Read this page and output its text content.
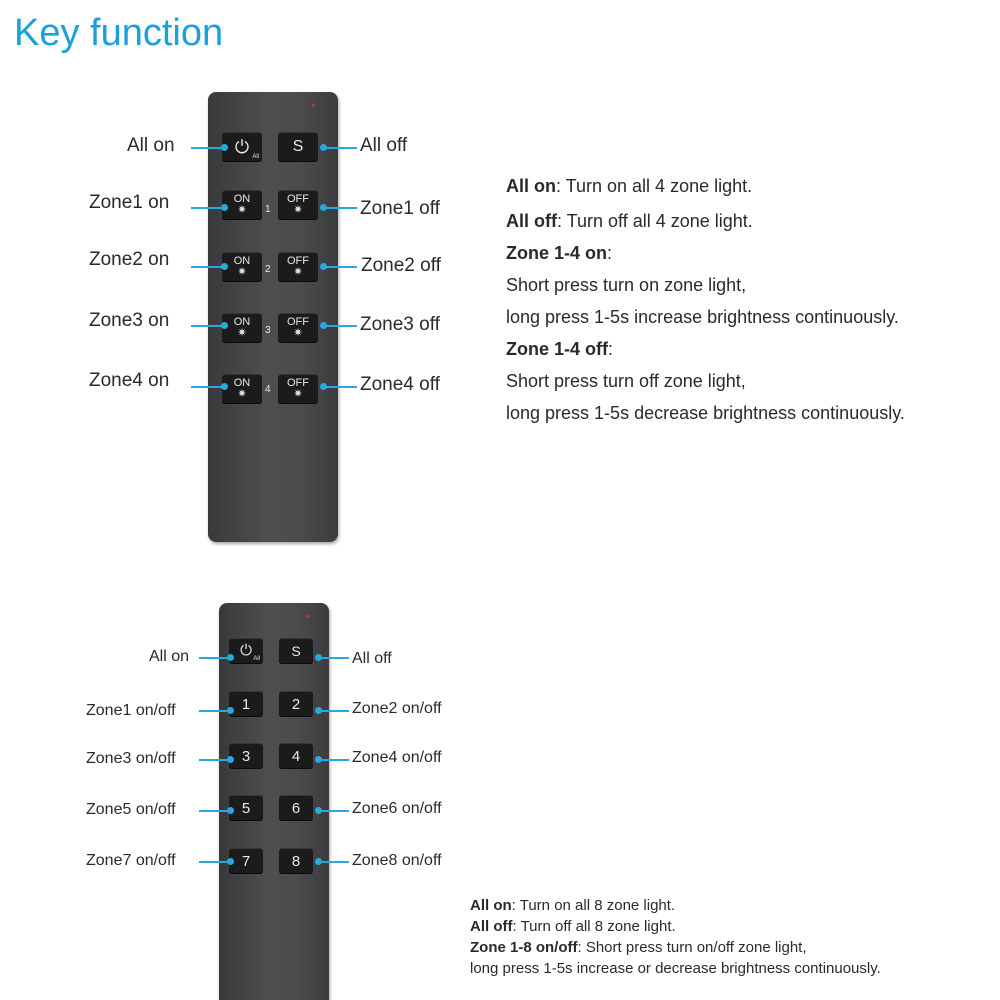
Key function
⏻ All
S
ON
✷ 1
OFF
✷
ON
✷ 2
OFF
✷
ON
✷ 3
OFF
✷
ON
✷ 4
OFF
✷
All on
Zone1 on
Zone2 on
Zone3 on
Zone4 on
All off
Zone1 off
Zone2 off
Zone3 off
Zone4 off
All on: Turn on all 4 zone light.
All off: Turn off all 4 zone light.
Zone 1-4 on:
Short press turn on zone light,
long press 1-5s increase brightness continuously.
Zone 1-4 off:
Short press turn off zone light,
long press 1-5s decrease brightness continuously.
⏻ All S
1	2
3	4
5	6
7	8
All on
Zone1 on/off
Zone3 on/off
Zone5 on/off
Zone7 on/off
All off
Zone2 on/off
Zone4 on/off
Zone6 on/off
Zone8 on/off
All on: Turn on all 8 zone light.
All off: Turn off all 8 zone light.
Zone 1-8 on/off: Short press turn on/off zone light,
long press 1-5s increase or decrease brightness continuously.
